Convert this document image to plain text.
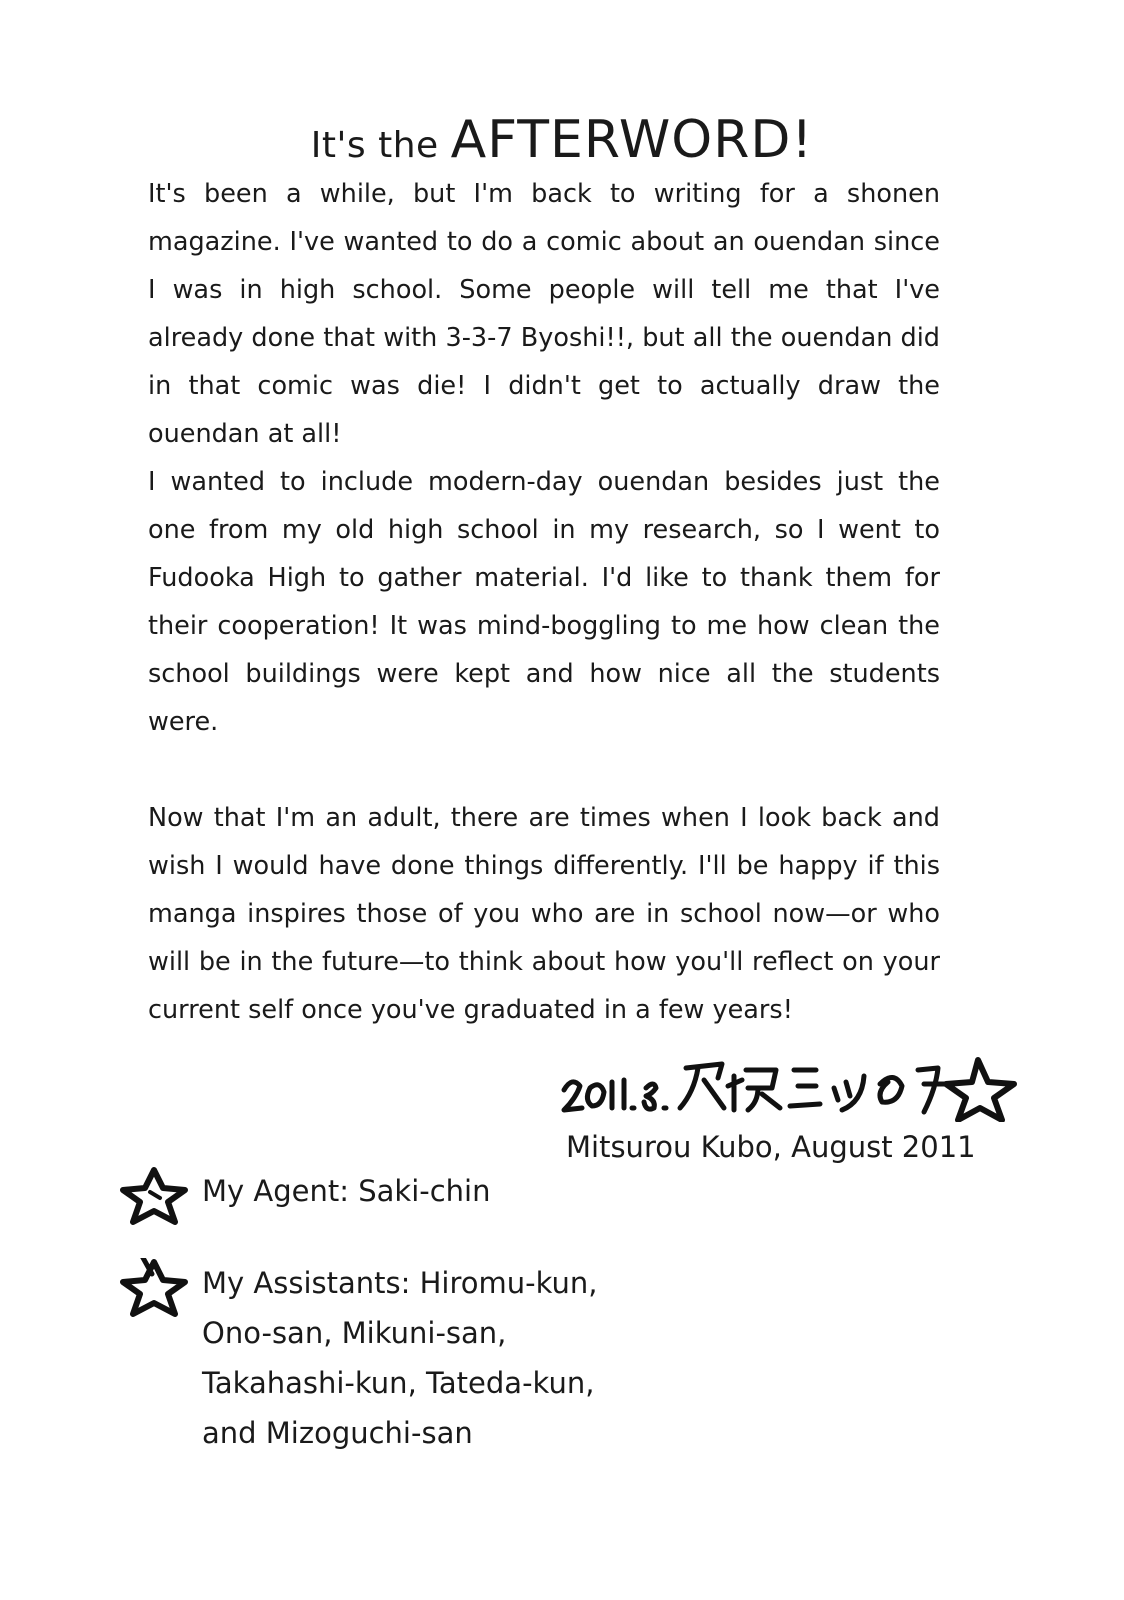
It's the AFTERWORD!

It's been a while, but I'm back to writing for a shonen magazine. I've wanted to do a comic about an ouendan since I was in high school. Some people will tell me that I've already done that with 3-3-7 Byoshi!!, but all the ouendan did in that comic was die! I didn't get to actually draw the ouendan at all!

I wanted to include modern-day ouendan besides just the one from my old high school in my research, so I went to Fudooka High to gather material. I'd like to thank them for their cooperation! It was mind-boggling to me how clean the school buildings were kept and how nice all the students were.

Now that I'm an adult, there are times when I look back and wish I would have done things differently. I'll be happy if this manga inspires those of you who are in school now—or who will be in the future—to think about how you'll reflect on your current self once you've graduated in a few years!

Mitsurou Kubo, August 2011
My Agent: Saki-chin
My Assistants: Hiromu-kun,
Ono-san, Mikuni-san,
Takahashi-kun, Tateda-kun,
and Mizoguchi-san
